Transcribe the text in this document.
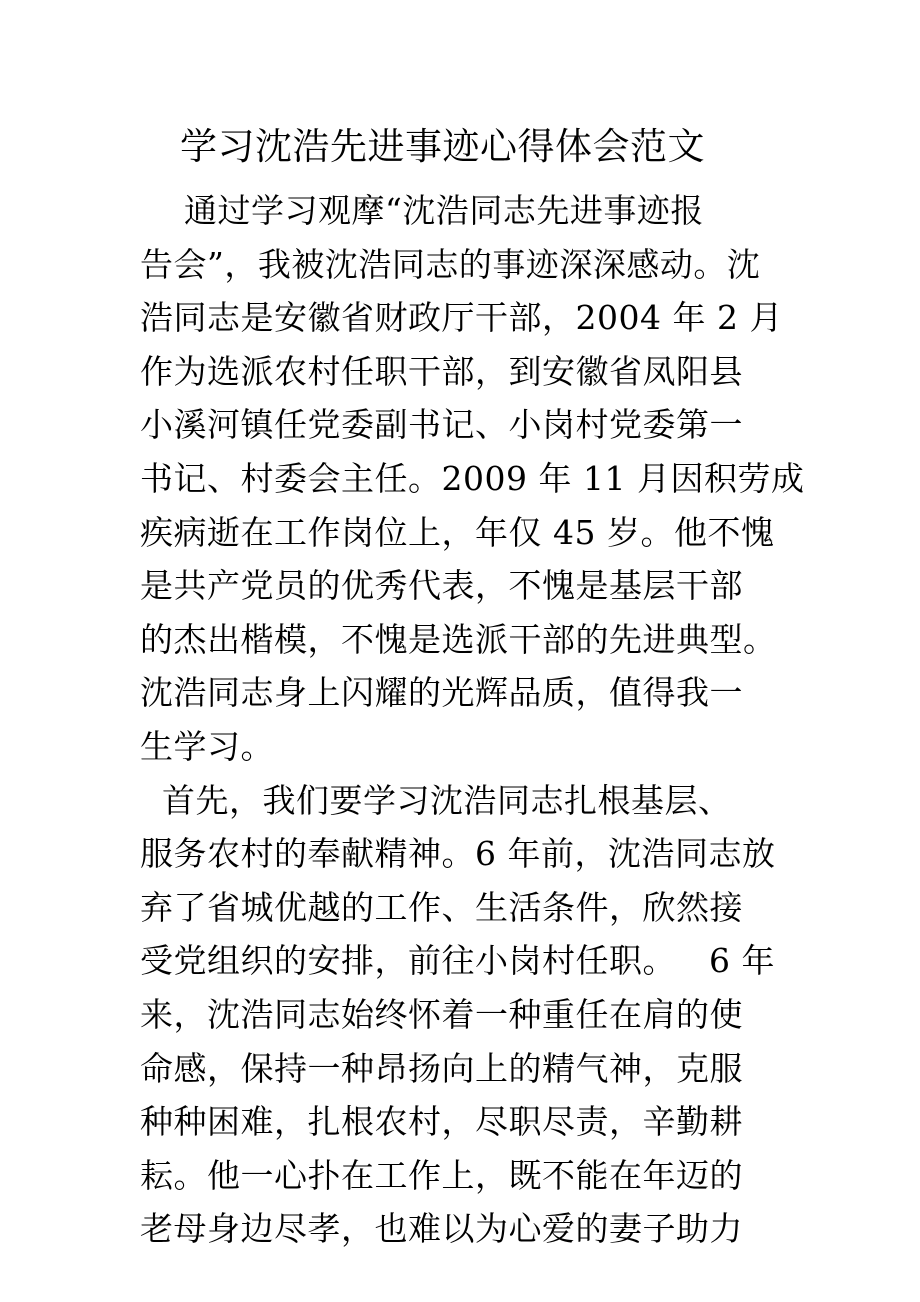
学习沈浩先进事迹心得体会范文
通过学习观摩“沈浩同志先进事迹报
告会”，我被沈浩同志的事迹深深感动。沈
浩同志是安徽省财政厅干部，2004 年 2 月
作为选派农村任职干部，到安徽省凤阳县
小溪河镇任党委副书记、小岗村党委第一
书记、村委会主任。2009 年 11 月因积劳成
疾病逝在工作岗位上，年仅 45 岁。他不愧
是共产党员的优秀代表，不愧是基层干部
的杰出楷模，不愧是选派干部的先进典型。
沈浩同志身上闪耀的光辉品质，值得我一
生学习。
首先，我们要学习沈浩同志扎根基层、
服务农村的奉献精神。6 年前，沈浩同志放
弃了省城优越的工作、生活条件，欣然接
受党组织的安排，前往小岗村任职。   6 年
来，沈浩同志始终怀着一种重任在肩的使
命感，保持一种昂扬向上的精气神，克服
种种困难，扎根农村，尽职尽责，辛勤耕
耘。他一心扑在工作上，既不能在年迈的
老母身边尽孝，也难以为心爱的妻子助力
